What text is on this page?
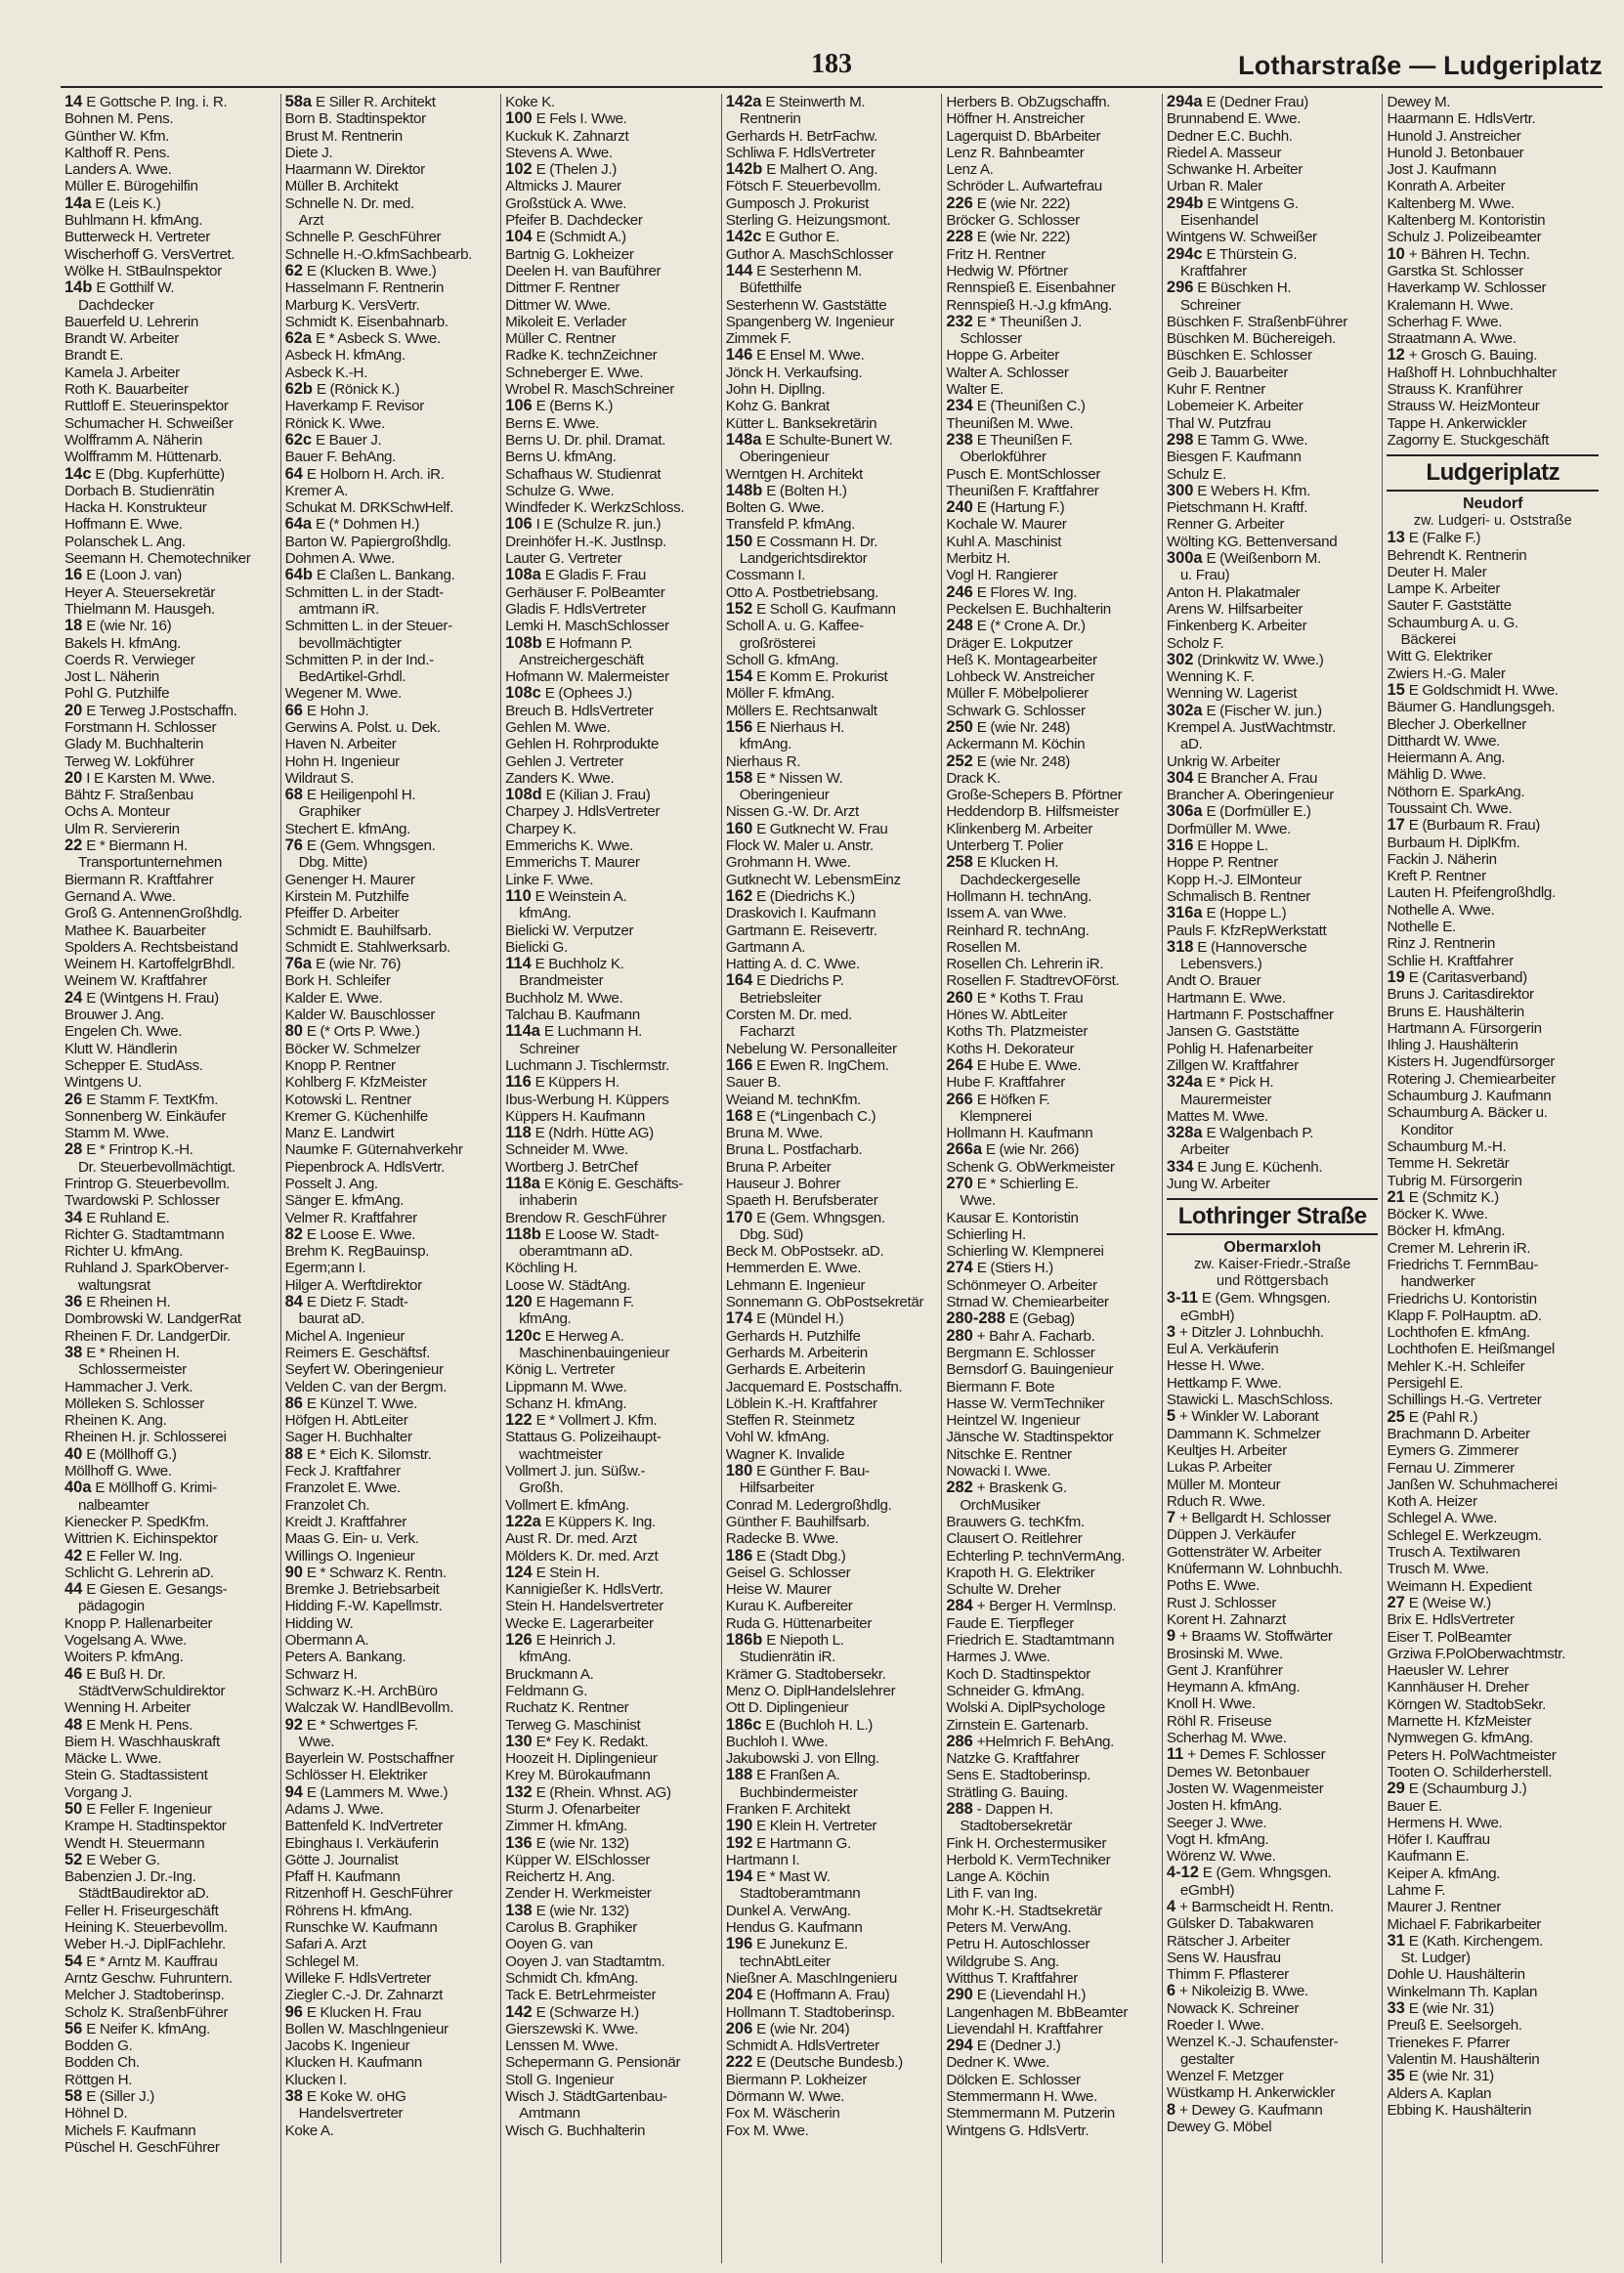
183	Lotharstraße — Ludgeriplatz
14 E Gottsche P. Ing. i. R.
Bohnen M. Pens.
Günther W. Kfm.
Kalthoff R. Pens.
Landers A. Wwe.
Müller E. Bürogehilfin
14a E (Leis K.)
Buhlmann H. kfmAng.
Butterweck H. Vertreter
Wischerhoff G. VersVertret.
Wölke H. StBaulnspektor
14b E Gotthilf W.
Dachdecker
Bauerfeld U. Lehrerin
Brandt W. Arbeiter
Brandt E.
Kamela J. Arbeiter
Roth K. Bauarbeiter
Ruttloff E. Steuerinspektor
Schumacher H. Schweißer
Wolfframm A. Näherin
Wolfframm M. Hüttenarb.
14c E (Dbg. Kupferhütte)
Dorbach B. Studienrätin
Hacka H. Konstrukteur
Hoffmann E. Wwe.
Polanschek L. Ang.
Seemann H. Chemotechniker
16 E (Loon J. van)
Heyer A. Steuersekretär
Thielmann M. Hausgeh.
18 E (wie Nr. 16)
Bakels H. kfmAng.
Coerds R. Verwieger
Jost L. Näherin
Pohl G. Putzhilfe
20 E Terweg J.Postschaffn.
Forstmann H. Schlosser
Glady M. Buchhalterin
Terweg W. Lokführer
20 I E Karsten M. Wwe.
Bähtz F. Straßenbau
Ochs A. Monteur
Ulm R. Serviererin
22 E * Biermann H.
Transportunternehmen
Biermann R. Kraftfahrer
Gernand A. Wwe.
Groß G. AntennenGroßhdlg.
Mathee K. Bauarbeiter
Spolders A. Rechtsbeistand
Weinem H. KartoffelgrBhdl.
Weinem W. Kraftfahrer
24 E (Wintgens H. Frau)
Brouwer J. Ang.
Engelen Ch. Wwe.
Klutt W. Händlerin
Schepper E. StudAss.
Wintgens U.
26 E Stamm F. TextKfm.
Sonnenberg W. Einkäufer
Stamm M. Wwe.
28 E * Frintrop K.-H.
Dr. Steuerbevollmächtigt.
Frintrop G. Steuerbevollm.
Twardowski P. Schlosser
34 E Ruhland E.
Richter G. Stadtamtmann
Richter U. kfmAng.
Ruhland J. SparkOberver-
waltungsrat
36 E Rheinen H.
Dombrowski W. LandgerRat
Rheinen F. Dr. LandgerDir.
38 E * Rheinen H.
Schlossermeister
Hammacher J. Verk.
Mölleken S. Schlosser
Rheinen K. Ang.
Rheinen H. jr. Schlosserei
40 E (Möllhoff G.)
Möllhoff G. Wwe.
40a E Möllhoff G. Krimi-
nalbeamter
Kienecker P. SpedKfm.
Wittrien K. Eichinspektor
42 E Feller W. Ing.
Schlicht G. Lehrerin aD.
44 E Giesen E. Gesangs-
pädagogin
Knopp P. Hallenarbeiter
Vogelsang A. Wwe.
Woiters P. kfmAng.
46 E Buß H. Dr.
StädtVerwSchuldirektor
Wenning H. Arbeiter
48 E Menk H. Pens.
Biem H. Waschhauskraft
Mäcke L. Wwe.
Stein G. Stadtassistent
Vorgang J.
50 E Feller F. Ingenieur
Krampe H. Stadtinspektor
Wendt H. Steuermann
52 E Weber G.
Babenzien J. Dr.-Ing.
StädtBaudirektor aD.
Feller H. Friseurgeschäft
Heining K. Steuerbevollm.
Weber H.-J. DiplFachlehr.
54 E * Arntz M. Kauffrau
Arntz Geschw. Fuhruntern.
Melcher J. Stadtoberinsp.
Scholz K. StraßenbFührer
56 E Neifer K. kfmAng.
Bodden G.
Bodden Ch.
Röttgen H.
58 E (Siller J.)
Höhnel D.
Michels F. Kaufmann
Püschel H. GeschFührer
58a E Siller R. Architekt
Born B. Stadtinspektor
Brust M. Rentnerin
Diete J.
Haarmann W. Direktor
Müller B. Architekt
Schnelle N. Dr. med.
Arzt
Schnelle P. GeschFührer
Schnelle H.-O.kfmSachbearb.
62 E (Klucken B. Wwe.)
Hasselmann F. Rentnerin
Marburg K. VersVertr.
Schmidt K. Eisenbahnarb.
62a E * Asbeck S. Wwe.
Asbeck H. kfmAng.
Asbeck K.-H.
62b E (Rönick K.)
Haverkamp F. Revisor
Rönick K. Wwe.
62c E Bauer J.
Bauer F. BehAng.
64 E Holborn H. Arch. iR.
Kremer A.
Schukat M. DRKSchwHelf.
64a E (* Dohmen H.)
Barton W. Papiergroßhdlg.
Dohmen A. Wwe.
64b E Claßen L. Bankang.
Schmitten L. in der Stadt-
amtmann iR.
Schmitten L. in der Steuer-
bevollmächtigter
Schmitten P. in der Ind.-
BedArtikel-Grhdl.
Wegener M. Wwe.
66 E Hohn J.
Gerwins A. Polst. u. Dek.
Haven N. Arbeiter
Hohn H. Ingenieur
Wildraut S.
68 E Heiligenpohl H.
Graphiker
Stechert E. kfmAng.
76 E (Gem. Whngsgen.
Dbg. Mitte)
Genenger H. Maurer
Kirstein M. Putzhilfe
Pfeiffer D. Arbeiter
Schmidt E. Bauhilfsarb.
Schmidt E. Stahlwerksarb.
76a E (wie Nr. 76)
Bork H. Schleifer
Kalder E. Wwe.
Kalder W. Bauschlosser
80 E (* Orts P. Wwe.)
Böcker W. Schmelzer
Knopp P. Rentner
Kohlberg F. KfzMeister
Kotowski L. Rentner
Kremer G. Küchenhilfe
Manz E. Landwirt
Naumke F. Güternahverkehr
Piepenbrock A. HdlsVertr.
Posselt J. Ang.
Sänger E. kfmAng.
Velmer R. Kraftfahrer
82 E Loose E. Wwe.
Brehm K. RegBauinsp.
Egerm;ann I.
Hilger A. Werftdirektor
84 E Dietz F. Stadt-
baurat aD.
Michel A. Ingenieur
Reimers E. Geschäftsf.
Seyfert W. Oberingenieur
Velden C. van der Bergm.
86 E Künzel T. Wwe.
Höfgen H. AbtLeiter
Sager H. Buchhalter
88 E * Eich K. Silomstr.
Feck J. Kraftfahrer
Franzolet E. Wwe.
Franzolet Ch.
Kreidt J. Kraftfahrer
Maas G. Ein- u. Verk.
Willings O. Ingenieur
90 E * Schwarz K. Rentn.
Bremke J. Betriebsarbeit
Hidding F.-W. Kapellmstr.
Hidding W.
Obermann A.
Peters A. Bankang.
Schwarz H.
Schwarz K.-H. ArchBüro
Walczak W. HandlBevollm.
92 E * Schwertges F.
Wwe.
Bayerlein W. Postschaffner
Schlösser H. Elektriker
94 E (Lammers M. Wwe.)
Adams J. Wwe.
Battenfeld K. IndVertreter
Ebinghaus I. Verkäuferin
Götte J. Journalist
Pfaff H. Kaufmann
Ritzenhoff H. GeschFührer
Röhrens H. kfmAng.
Runschke W. Kaufmann
Safari A. Arzt
Schlegel M.
Willeke F. HdlsVertreter
Ziegler C.-J. Dr. Zahnarzt
96 E Klucken H. Frau
Bollen W. Maschlngenieur
Jacobs K. Ingenieur
Klucken H. Kaufmann
Klucken I.
38 E Koke W. oHG
Handelsvertreter
Koke A.
Koke K.
100 E Fels I. Wwe.
Kuckuk K. Zahnarzt
Stevens A. Wwe.
102 E (Thelen J.)
Altmicks J. Maurer
Großstück A. Wwe.
Pfeifer B. Dachdecker
104 E (Schmidt A.)
Bartnig G. Lokheizer
Deelen H. van Bauführer
Dittmer F. Rentner
Dittmer W. Wwe.
Mikoleit E. Verlader
Müller C. Rentner
Radke K. technZeichner
Schneberger E. Wwe.
Wrobel R. MaschSchreiner
106 E (Berns K.)
Berns E. Wwe.
Berns U. Dr. phil. Dramat.
Berns U. kfmAng.
Schafhaus W. Studienrat
Schulze G. Wwe.
Windfeder K. WerkzSchloss.
106 I E (Schulze R. jun.)
Dreinhöfer H.-K. Justlnsp.
Lauter G. Vertreter
108a E Gladis F. Frau
Gerhäuser F. PolBeamter
Gladis F. HdlsVertreter
Lemki H. MaschSchlosser
108b E Hofmann P.
Anstreichergeschäft
Hofmann W. Malermeister
108c E (Ophees J.)
Breuch B. HdlsVertreter
Gehlen M. Wwe.
Gehlen H. Rohrprodukte
Gehlen J. Vertreter
Zanders K. Wwe.
108d E (Kilian J. Frau)
Charpey J. HdlsVertreter
Charpey K.
Emmerichs K. Wwe.
Emmerichs T. Maurer
Linke F. Wwe.
110 E Weinstein A.
kfmAng.
Bielicki W. Verputzer
Bielicki G.
114 E Buchholz K.
Brandmeister
Buchholz M. Wwe.
Talchau B. Kaufmann
114a E Luchmann H.
Schreiner
Luchmann J. Tischlermstr.
116 E Küppers H.
Ibus-Werbung H. Küppers
Küppers H. Kaufmann
118 E (Ndrh. Hütte AG)
Schneider M. Wwe.
Wortberg J. BetrChef
118a E König E. Geschäfts-
inhaberin
Brendow R. GeschFührer
118b E Loose W. Stadt-
oberamtmann aD.
Köchling H.
Loose W. StädtAng.
120 E Hagemann F.
kfmAng.
120c E Herweg A.
Maschinenbauingenieur
König L. Vertreter
Lippmann M. Wwe.
Schanz H. kfmAng.
122 E * Vollmert J. Kfm.
Stattaus G. Polizeihaupt-
wachtmeister
Vollmert J. jun. Süßw.-
Großh.
Vollmert E. kfmAng.
122a E Küppers K. Ing.
Aust R. Dr. med. Arzt
Mölders K. Dr. med. Arzt
124 E Stein H.
Kannigießer K. HdlsVertr.
Stein H. Handelsvertreter
Wecke E. Lagerarbeiter
126 E Heinrich J.
kfmAng.
Bruckmann A.
Feldmann G.
Ruchatz K. Rentner
Terweg G. Maschinist
130 E* Fey K. Redakt.
Hoozeit H. Diplingenieur
Krey M. Bürokaufmann
132 E (Rhein. Whnst. AG)
Sturm J. Ofenarbeiter
Zimmer H. kfmAng.
136 E (wie Nr. 132)
Küpper W. ElSchlosser
Reichertz H. Ang.
Zender H. Werkmeister
138 E (wie Nr. 132)
Carolus B. Graphiker
Ooyen G. van
Ooyen J. van Stadtamtm.
Schmidt Ch. kfmAng.
Tack E. BetrLehrmeister
142 E (Schwarze H.)
Gierszewski K. Wwe.
Lenssen M. Wwe.
Schepermann G. Pensionär
Stoll G. Ingenieur
Wisch J. StädtGartenbau-
Amtmann
Wisch G. Buchhalterin
142a E Steinwerth M.
Rentnerin
Gerhards H. BetrFachw.
Schliwa F. HdlsVertreter
142b E Malhert O. Ang.
Fötsch F. Steuerbevollm.
Gumposch J. Prokurist
Sterling G. Heizungsmont.
142c E Guthor E.
Guthor A. MaschSchlosser
144 E Sesterhenn M.
Büfetthilfe
Sesterhenn W. Gaststätte
Spangenberg W. Ingenieur
Zimmek F.
146 E Ensel M. Wwe.
Jönck H. Verkaufsing.
John H. Dipllng.
Kohz G. Bankrat
Kütter L. Banksekretärin
148a E Schulte-Bunert W.
Oberingenieur
Werntgen H. Architekt
148b E (Bolten H.)
Bolten G. Wwe.
Transfeld P. kfmAng.
150 E Cossmann H. Dr.
Landgerichtsdirektor
Cossmann I.
Otto A. Postbetriebsang.
152 E Scholl G. Kaufmann
Scholl A. u. G. Kaffee-
großrösterei
Scholl G. kfmAng.
154 E Komm E. Prokurist
Möller F. kfmAng.
Möllers E. Rechtsanwalt
156 E Nierhaus H.
kfmAng.
Nierhaus R.
158 E * Nissen W.
Oberingenieur
Nissen G.-W. Dr. Arzt
160 E Gutknecht W. Frau
Flock W. Maler u. Anstr.
Grohmann H. Wwe.
Gutknecht W. LebensmEinz
162 E (Diedrichs K.)
Draskovich I. Kaufmann
Gartmann E. Reisevertr.
Gartmann A.
Hatting A. d. C. Wwe.
164 E Diedrichs P.
Betriebsleiter
Corsten M. Dr. med.
Facharzt
Nebelung W. Personalleiter
166 E Ewen R. IngChem.
Sauer B.
Weiand M. technKfm.
168 E (*Lingenbach C.)
Bruna M. Wwe.
Bruna L. Postfacharb.
Bruna P. Arbeiter
Hauseur J. Bohrer
Spaeth H. Berufsberater
170 E (Gem. Whngsgen.
Dbg. Süd)
Beck M. ObPostsekr. aD.
Hemmerden E. Wwe.
Lehmann E. Ingenieur
Sonnemann G. ObPostsekretär
174 E (Mündel H.)
Gerhards H. Putzhilfe
Gerhards M. Arbeiterin
Gerhards E. Arbeiterin
Jacquemard E. Postschaffn.
Löblein K.-H. Kraftfahrer
Steffen R. Steinmetz
Vohl W. kfmAng.
Wagner K. Invalide
180 E Günther F. Bau-
Hilfsarbeiter
Conrad M. Ledergroßhdlg.
Günther F. Bauhilfsarb.
Radecke B. Wwe.
186 E (Stadt Dbg.)
Geisel G. Schlosser
Heise W. Maurer
Kurau K. Aufbereiter
Ruda G. Hüttenarbeiter
186b E Niepoth L.
Studienrätin iR.
Krämer G. Stadtobersekr.
Menz O. DiplHandelslehrer
Ott D. Diplingenieur
186c E (Buchloh H. L.)
Buchloh I. Wwe.
Jakubowski J. von Ellng.
188 E Franßen A.
Buchbindermeister
Franken F. Architekt
190 E Klein H. Vertreter
192 E Hartmann G.
Hartmann I.
194 E * Mast W.
Stadtoberamtmann
Dunkel A. VerwAng.
Hendus G. Kaufmann
196 E Junekunz E.
technAbtLeiter
Nießner A. MaschIngenieru
204 E (Hoffmann A. Frau)
Hollmann T. Stadtoberinsp.
206 E (wie Nr. 204)
Schmidt A. HdlsVertreter
222 E (Deutsche Bundesb.)
Biermann P. Lokheizer
Dörmann W. Wwe.
Fox M. Wäscherin
Fox M. Wwe.
Herbers B. ObZugschaffn.
Höffner H. Anstreicher
Lagerquist D. BbArbeiter
Lenz R. Bahnbeamter
Lenz A.
Schröder L. Aufwartefrau
226 E (wie Nr. 222)
Bröcker G. Schlosser
228 E (wie Nr. 222)
Fritz H. Rentner
Hedwig W. Pförtner
Rennspieß E. Eisenbahner
Rennspieß H.-J.g kfmAng.
232 E * Theunißen J.
Schlosser
Hoppe G. Arbeiter
Walter A. Schlosser
Walter E.
234 E (Theunißen C.)
Theunißen M. Wwe.
238 E Theunißen F.
Oberlokführer
Pusch E. MontSchlosser
Theunißen F. Kraftfahrer
240 E (Hartung F.)
Kochale W. Maurer
Kuhl A. Maschinist
Merbitz H.
Vogl H. Rangierer
246 E Flores W. Ing.
Peckelsen E. Buchhalterin
248 E (* Crone A. Dr.)
Dräger E. Lokputzer
Heß K. Montagearbeiter
Lohbeck W. Anstreicher
Müller F. Möbelpolierer
Schwark G. Schlosser
250 E (wie Nr. 248)
Ackermann M. Köchin
252 E (wie Nr. 248)
Drack K.
Große-Schepers B. Pförtner
Heddendorp B. Hilfsmeister
Klinkenberg M. Arbeiter
Unterberg T. Polier
258 E Klucken H.
Dachdeckergeselle
Hollmann H. technAng.
Issem A. van Wwe.
Reinhard R. technAng.
Rosellen M.
Rosellen Ch. Lehrerin iR.
Rosellen F. StadtrevOFörst.
260 E * Koths T. Frau
Hönes W. AbtLeiter
Koths Th. Platzmeister
Koths H. Dekorateur
264 E Hube E. Wwe.
Hube F. Kraftfahrer
266 E Höfken F.
Klempnerei
Hollmann H. Kaufmann
266a E (wie Nr. 266)
Schenk G. ObWerkmeister
270 E * Schierling E.
Wwe.
Kausar E. Kontoristin
Schierling H.
Schierling W. Klempnerei
274 E (Stiers H.)
Schönmeyer O. Arbeiter
Strnad W. Chemiearbeiter
280-288 E (Gebag)
280 + Bahr A. Facharb.
Bergmann E. Schlosser
Bernsdorf G. Bauingenieur
Biermann F. Bote
Hasse W. VermTechniker
Heintzel W. Ingenieur
Jänsche W. Stadtinspektor
Nitschke E. Rentner
Nowacki I. Wwe.
282 + Braskenk G.
OrchMusiker
Brauwers G. techKfm.
Clausert O. Reitlehrer
Echterling P. technVermAng.
Krapoth H. G. Elektriker
Schulte W. Dreher
284 + Berger H. Vermlnsp.
Faude E. Tierpfleger
Friedrich E. Stadtamtmann
Harmes J. Wwe.
Koch D. Stadtinspektor
Schneider G. kfmAng.
Wolski A. DiplPsychologe
Zirnstein E. Gartenarb.
286 +Helmrich F. BehAng.
Natzke G. Kraftfahrer
Sens E. Stadtoberinsp.
Strätling G. Bauing.
288 - Dappen H.
Stadtobersekretär
Fink H. Orchestermusiker
Herbold K. VermTechniker
Lange A. Köchin
Lith F. van Ing.
Mohr K.-H. Stadtsekretär
Peters M. VerwAng.
Petru H. Autoschlosser
Wildgrube S. Ang.
Witthus T. Kraftfahrer
290 E (Lievendahl H.)
Langenhagen M. BbBeamter
Lievendahl H. Kraftfahrer
294 E (Dedner J.)
Dedner K. Wwe.
Dölcken E. Schlosser
Stemmermann H. Wwe.
Stemmermann M. Putzerin
Wintgens G. HdlsVertr.
294a E (Dedner Frau)
Brunnabend E. Wwe.
Dedner E.C. Buchh.
Riedel A. Masseur
Schwanke H. Arbeiter
Urban R. Maler
294b E Wintgens G.
Eisenhandel
Wintgens W. Schweißer
294c E Thürstein G.
Kraftfahrer
296 E Büschken H.
Schreiner
Büschken F. StraßenbFührer
Büschken M. Büchereigeh.
Büschken E. Schlosser
Geib J. Bauarbeiter
Kuhr F. Rentner
Lobemeier K. Arbeiter
Thal W. Putzfrau
298 E Tamm G. Wwe.
Biesgen F. Kaufmann
Schulz E.
300 E Webers H. Kfm.
Pietschmann H. Kraftf.
Renner G. Arbeiter
Wölting KG. Bettenversand
300a E (Weißenborn M.
u. Frau)
Anton H. Plakatmaler
Arens W. Hilfsarbeiter
Finkenberg K. Arbeiter
Scholz F.
302 (Drinkwitz W. Wwe.)
Wenning K. F.
Wenning W. Lagerist
302a E (Fischer W. jun.)
Krempel A. JustWachtmstr.
aD.
Unkrig W. Arbeiter
304 E Brancher A. Frau
Brancher A. Oberingenieur
306a E (Dorfmüller E.)
Dorfmüller M. Wwe.
316 E Hoppe L.
Hoppe P. Rentner
Kopp H.-J. ElMonteur
Schmalisch B. Rentner
316a E (Hoppe L.)
Pauls F. KfzRepWerkstatt
318 E (Hannoversche
Lebensvers.)
Andt O. Brauer
Hartmann E. Wwe.
Hartmann F. Postschaffner
Jansen G. Gaststätte
Pohlig H. Hafenarbeiter
Zillgen W. Kraftfahrer
324a E * Pick H.
Maurermeister
Mattes M. Wwe.
328a E Walgenbach P.
Arbeiter
334 E Jung E. Küchenh.
Jung W. Arbeiter
Lothringer Straße
Obermarxloh
zw. Kaiser-Friedr.-Straße
und Röttgersbach
3-11 E (Gem. Whngsgen.
eGmbH)
3 + Ditzler J. Lohnbuchh.
Eul A. Verkäuferin
Hesse H. Wwe.
Hettkamp F. Wwe.
Stawicki L. MaschSchloss.
5 + Winkler W. Laborant
Dammann K. Schmelzer
Keultjes H. Arbeiter
Lukas P. Arbeiter
Müller M. Monteur
Rduch R. Wwe.
7 + Bellgardt H. Schlosser
Düppen J. Verkäufer
Gottensträter W. Arbeiter
Knüfermann W. Lohnbuchh.
Poths E. Wwe.
Rust J. Schlosser
Korent H. Zahnarzt
9 + Braams W. Stoffwärter
Brosinski M. Wwe.
Gent J. Kranführer
Heymann A. kfmAng.
Knoll H. Wwe.
Röhl R. Friseuse
Scherhag M. Wwe.
11 + Demes F. Schlosser
Demes W. Betonbauer
Josten W. Wagenmeister
Josten H. kfmAng.
Seeger J. Wwe.
Vogt H. kfmAng.
Wörenz W. Wwe.
4-12 E (Gem. Whngsgen.
eGmbH)
4 + Barmscheidt H. Rentn.
Gülsker D. Tabakwaren
Rätscher J. Arbeiter
Sens W. Hausfrau
Thimm F. Pflasterer
6 + Nikoleizig B. Wwe.
Nowack K. Schreiner
Roeder I. Wwe.
Wenzel K.-J. Schaufenster-
gestalter
Wenzel F. Metzger
Wüstkamp H. Ankerwickler
8 + Dewey G. Kaufmann
Dewey G. Möbel
Dewey M.
Haarmann E. HdlsVertr.
Hunold J. Anstreicher
Hunold J. Betonbauer
Jost J. Kaufmann
Konrath A. Arbeiter
Kaltenberg M. Wwe.
Kaltenberg M. Kontoristin
Schulz J. Polizeibeamter
10 + Bähren H. Techn.
Garstka St. Schlosser
Haverkamp W. Schlosser
Kralemann H. Wwe.
Scherhag F. Wwe.
Straatmann A. Wwe.
12 + Grosch G. Bauing.
Haßhoff H. Lohnbuchhalter
Strauss K. Kranführer
Strauss W. HeizMonteur
Tappe H. Ankerwickler
Zagorny E. Stuckgeschäft
Ludgeriplatz
Neudorf
zw. Ludgeri- u. Oststraße
13 E (Falke F.)
Behrendt K. Rentnerin
Deuter H. Maler
Lampe K. Arbeiter
Sauter F. Gaststätte
Schaumburg A. u. G.
Bäckerei
Witt G. Elektriker
Zwiers H.-G. Maler
15 E Goldschmidt H. Wwe.
Bäumer G. Handlungsgeh.
Blecher J. Oberkellner
Ditthardt W. Wwe.
Heiermann A. Ang.
Mählig D. Wwe.
Nöthorn E. SparkAng.
Toussaint Ch. Wwe.
17 E (Burbaum R. Frau)
Burbaum H. DiplKfm.
Fackin J. Näherin
Kreft P. Rentner
Lauten H. Pfeifengroßhdlg.
Nothelle A. Wwe.
Nothelle E.
Rinz J. Rentnerin
Schlie H. Kraftfahrer
19 E (Caritasverband)
Bruns J. Caritasdirektor
Bruns E. Haushälterin
Hartmann A. Fürsorgerin
Ihling J. Haushälterin
Kisters H. Jugendfürsorger
Rotering J. Chemiearbeiter
Schaumburg J. Kaufmann
Schaumburg A. Bäcker u.
Konditor
Schaumburg M.-H.
Temme H. Sekretär
Tubrig M. Fürsorgerin
21 E (Schmitz K.)
Böcker K. Wwe.
Böcker H. kfmAng.
Cremer M. Lehrerin iR.
Friedrichs T. FernmBau-
handwerker
Friedrichs U. Kontoristin
Klapp F. PolHauptm. aD.
Lochthofen E. kfmAng.
Lochthofen E. Heißmangel
Mehler K.-H. Schleifer
Persigehl E.
Schillings H.-G. Vertreter
25 E (Pahl R.)
Brachmann D. Arbeiter
Eymers G. Zimmerer
Fernau U. Zimmerer
Janßen W. Schuhmacherei
Koth A. Heizer
Schlegel A. Wwe.
Schlegel E. Werkzeugm.
Trusch A. Textilwaren
Trusch M. Wwe.
Weimann H. Expedient
27 E (Weise W.)
Brix E. HdlsVertreter
Eiser T. PolBeamter
Grziwa F.PolOberwachtmstr.
Haeusler W. Lehrer
Kannhäuser H. Dreher
Körngen W. StadtobSekr.
Marnette H. KfzMeister
Nymwegen G. kfmAng.
Peters H. PolWachtmeister
Tooten O. Schilderherstell.
29 E (Schaumburg J.)
Bauer E.
Hermens H. Wwe.
Höfer I. Kauffrau
Kaufmann E.
Keiper A. kfmAng.
Lahme F.
Maurer J. Rentner
Michael F. Fabrikarbeiter
31 E (Kath. Kirchengem.
St. Ludger)
Dohle U. Haushälterin
Winkelmann Th. Kaplan
33 E (wie Nr. 31)
Preuß E. Seelsorgeh.
Trienekes F. Pfarrer
Valentin M. Haushälterin
35 E (wie Nr. 31)
Alders A. Kaplan
Ebbing K. Haushälterin
